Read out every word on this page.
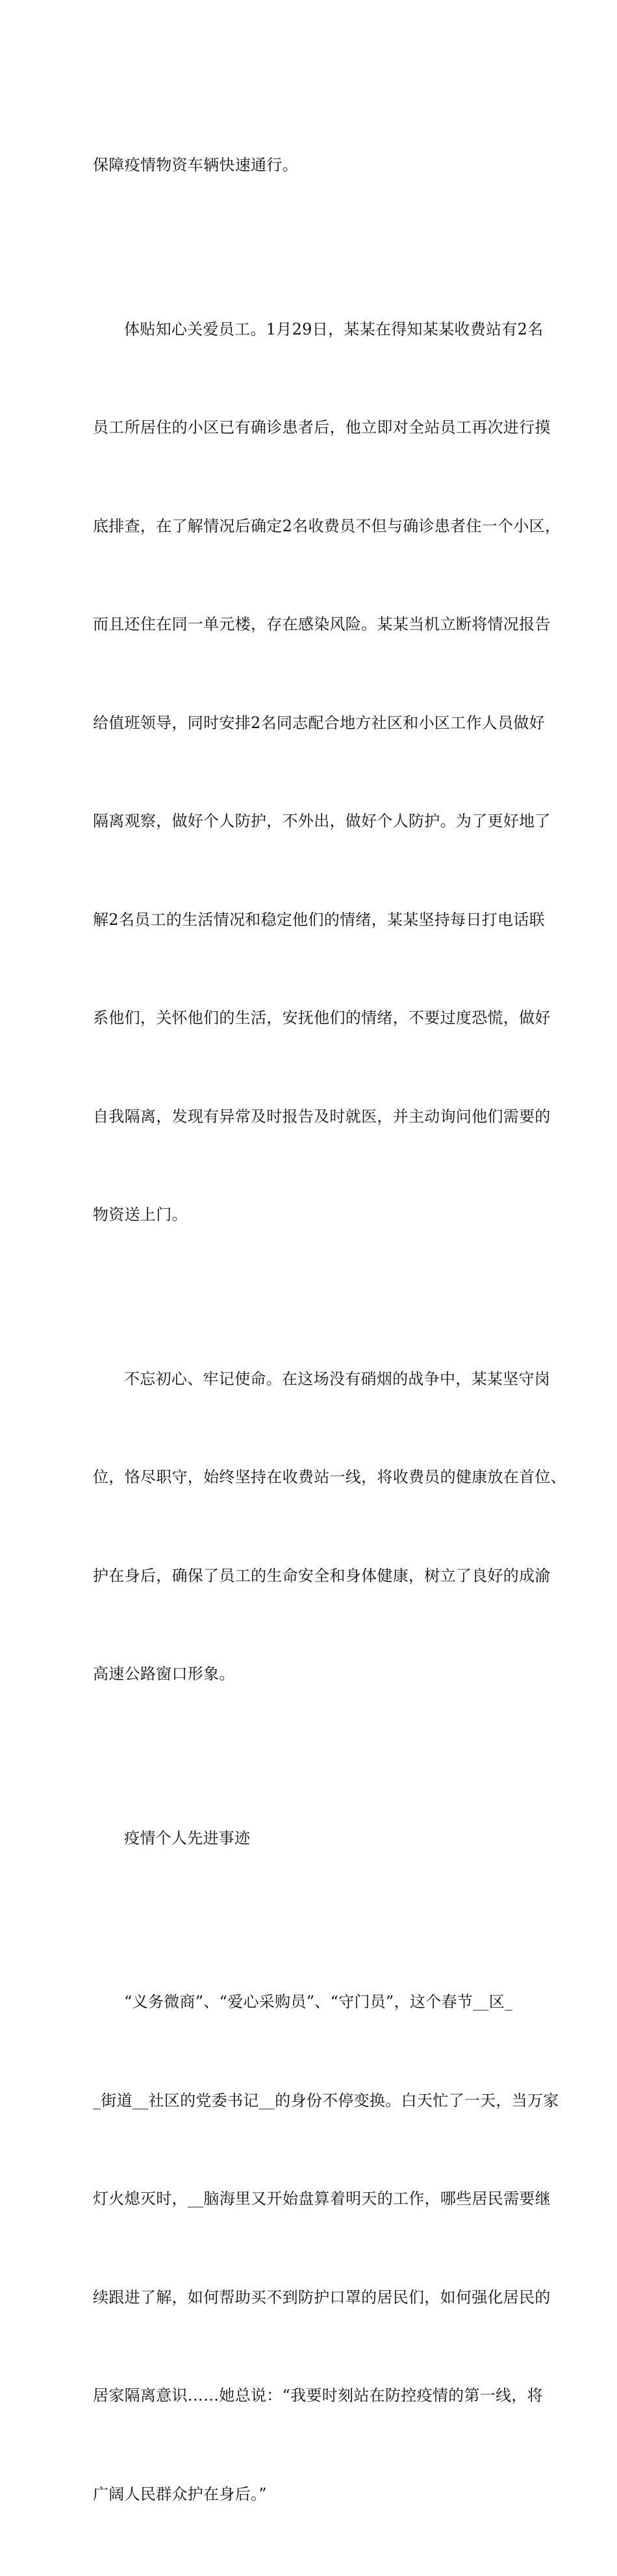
保障疫情物资车辆快速通行。

体贴知心关爱员工。1月29日，某某在得知某某收费站有2名

员工所居住的小区已有确诊患者后，他立即对全站员工再次进行摸

底排查，在了解情况后确定2名收费员不但与确诊患者住一个小区，

而且还住在同一单元楼，存在感染风险。某某当机立断将情况报告

给值班领导，同时安排2名同志配合地方社区和小区工作人员做好

隔离观察，做好个人防护，不外出，做好个人防护。为了更好地了

解2名员工的生活情况和稳定他们的情绪，某某坚持每日打电话联

系他们，关怀他们的生活，安抚他们的情绪，不要过度恐慌，做好

自我隔离，发现有异常及时报告及时就医，并主动询问他们需要的

物资送上门。

不忘初心、牢记使命。在这场没有硝烟的战争中，某某坚守岗

位，恪尽职守，始终坚持在收费站一线，将收费员的健康放在首位、

护在身后，确保了员工的生命安全和身体健康，树立了良好的成渝

高速公路窗口形象。

疫情个人先进事迹

“义务微商”、“爱心采购员”、“守门员”，这个春节__区_

_街道__社区的党委书记__的身份不停变换。白天忙了一天，当万家

灯火熄灭时，__脑海里又开始盘算着明天的工作，哪些居民需要继

续跟进了解，如何帮助买不到防护口罩的居民们，如何强化居民的

居家隔离意识……她总说：“我要时刻站在防控疫情的第一线，将

广阔人民群众护在身后。”
